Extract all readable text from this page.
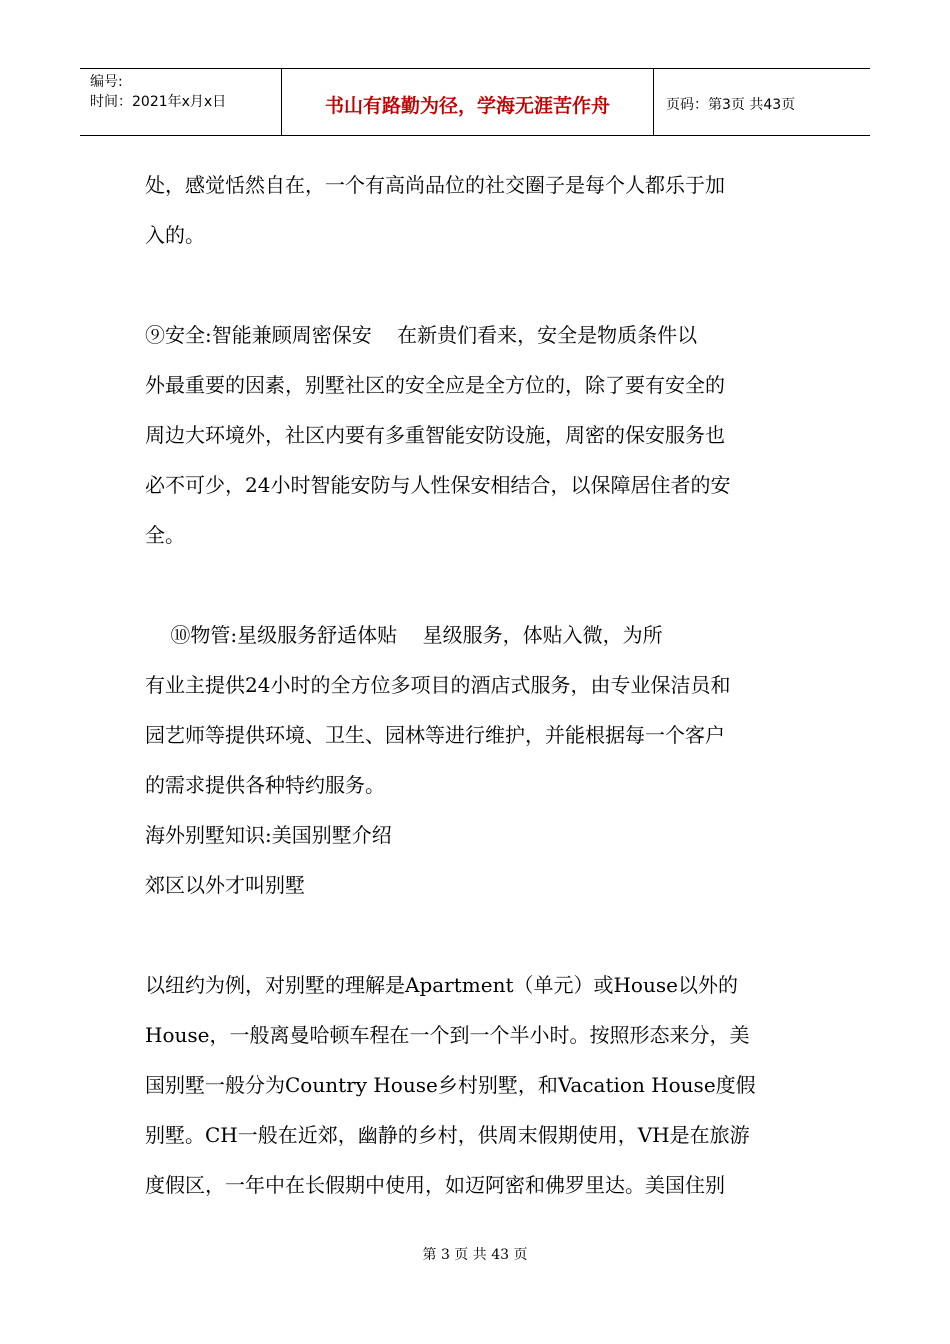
编号:
时间：2021年x月x日	书山有路勤为径，学海无涯苦作舟	页码：第3页 共43页

处，感觉恬然自在，一个有高尚品位的社交圈子是每个人都乐于加

入的。

⑨安全:智能兼顾周密保安    在新贵们看来，安全是物质条件以

外最重要的因素，别墅社区的安全应是全方位的，除了要有安全的

周边大环境外，社区内要有多重智能安防设施，周密的保安服务也

必不可少，24小时智能安防与人性保安相结合，以保障居住者的安

全。

⑩物管:星级服务舒适体贴    星级服务，体贴入微，为所

有业主提供24小时的全方位多项目的酒店式服务，由专业保洁员和

园艺师等提供环境、卫生、园林等进行维护，并能根据每一个客户

的需求提供各种特约服务。

海外别墅知识:美国别墅介绍

郊区以外才叫别墅

以纽约为例，对别墅的理解是Apartment（单元）或House以外的

House，一般离曼哈顿车程在一个到一个半小时。按照形态来分，美

国别墅一般分为Country House乡村别墅，和Vacation House度假

别墅。CH一般在近郊，幽静的乡村，供周末假期使用，VH是在旅游

度假区，一年中在长假期中使用，如迈阿密和佛罗里达。美国住别

第 3 页 共 43 页
